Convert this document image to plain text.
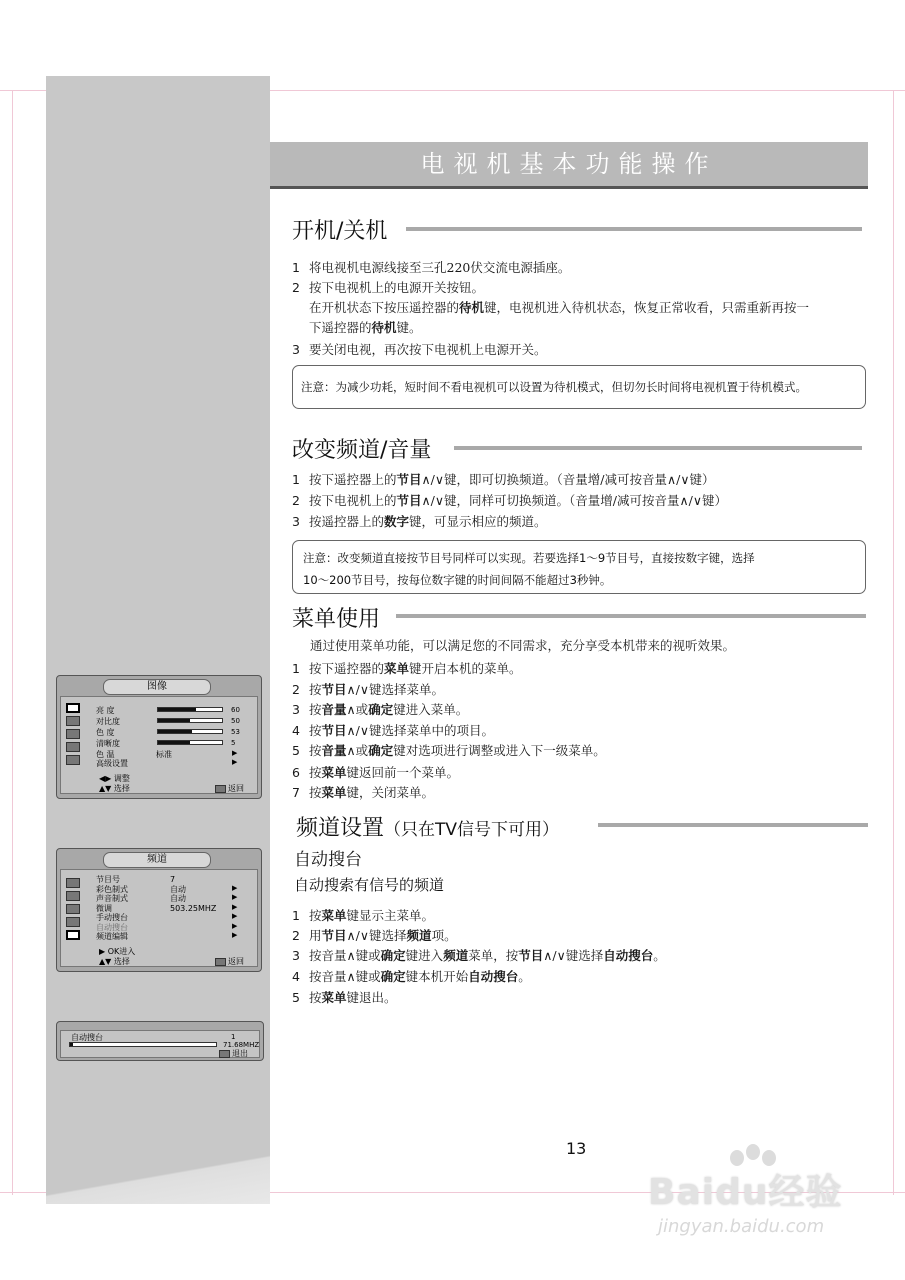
电视机基本功能操作
开机/关机
1 将电视机电源线接至三孔220伏交流电源插座。
2 按下电视机上的电源开关按钮。
在开机状态下按压遥控器的待机键，电视机进入待机状态，恢复正常收看，只需重新再按一
下遥控器的待机键。
3 要关闭电视，再次按下电视机上电源开关。
注意：为减少功耗，短时间不看电视机可以设置为待机模式，但切勿长时间将电视机置于待机模式。
改变频道/音量
1 按下遥控器上的节目∧/∨键，即可切换频道。（音量增/减可按音量∧/∨键）
2 按下电视机上的节目∧/∨键，同样可切换频道。（音量增/减可按音量∧/∨键）
3 按遥控器上的数字键，可显示相应的频道。
注意：改变频道直接按节目号同样可以实现。若要选择1～9节目号，直接按数字键，选择
10～200节目号，按每位数字键的时间间隔不能超过3秒钟。
菜单使用
通过使用菜单功能，可以满足您的不同需求，充分享受本机带来的视听效果。
1 按下遥控器的菜单键开启本机的菜单。
2 按节目∧/∨键选择菜单。
3 按音量∧或确定键进入菜单。
4 按节目∧/∨键选择菜单中的项目。
5 按音量∧或确定键对选项进行调整或进入下一级菜单。
6 按菜单键返回前一个菜单。
7 按菜单键，关闭菜单。
频道设置（只在TV信号下可用）
自动搜台
自动搜索有信号的频道
1 按菜单键显示主菜单。
2 用节目∧/∨键选择频道项。
3 按音量∧键或确定键进入频道菜单，按节目∧/∨键选择自动搜台。
4 按音量∧键或确定键本机开始自动搜台。
5 按菜单键退出。
图像
亮 度	60
对比度	50
色 度	53
清晰度	5
色 温	标准	▶
高级设置	▶
◀▶ 调整
▲▼ 选择	返回
频道
节目号	7
彩色制式	自动	▶
声音制式	自动	▶
微调	503.25MHZ ▶
手动搜台	▶
自动搜台	▶
频道编辑	▶
▶ OK进入
▲▼ 选择	返回
自动搜台	1
71.68MHZ
退出
13
Baidu经验
jingyan.baidu.com
